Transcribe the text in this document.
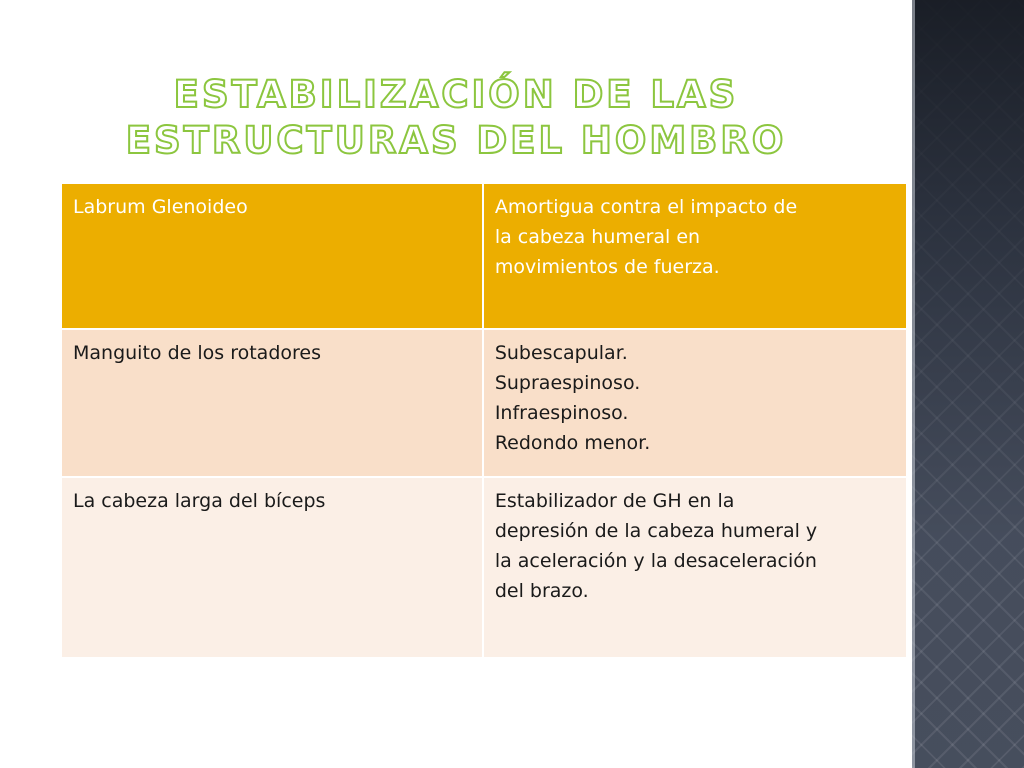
ESTABILIZACIÓN DE LAS ESTRUCTURAS DEL HOMBRO
Labrum Glenoideo	Amortigua contra el impacto de
la cabeza humeral en
movimientos de fuerza.

Manguito de los rotadores	Subescapular.
Supraespinoso.
Infraespinoso.
Redondo menor.

La cabeza larga del bíceps	Estabilizador de GH en la
depresión de la cabeza humeral y
la aceleración y la desaceleración
del brazo.
